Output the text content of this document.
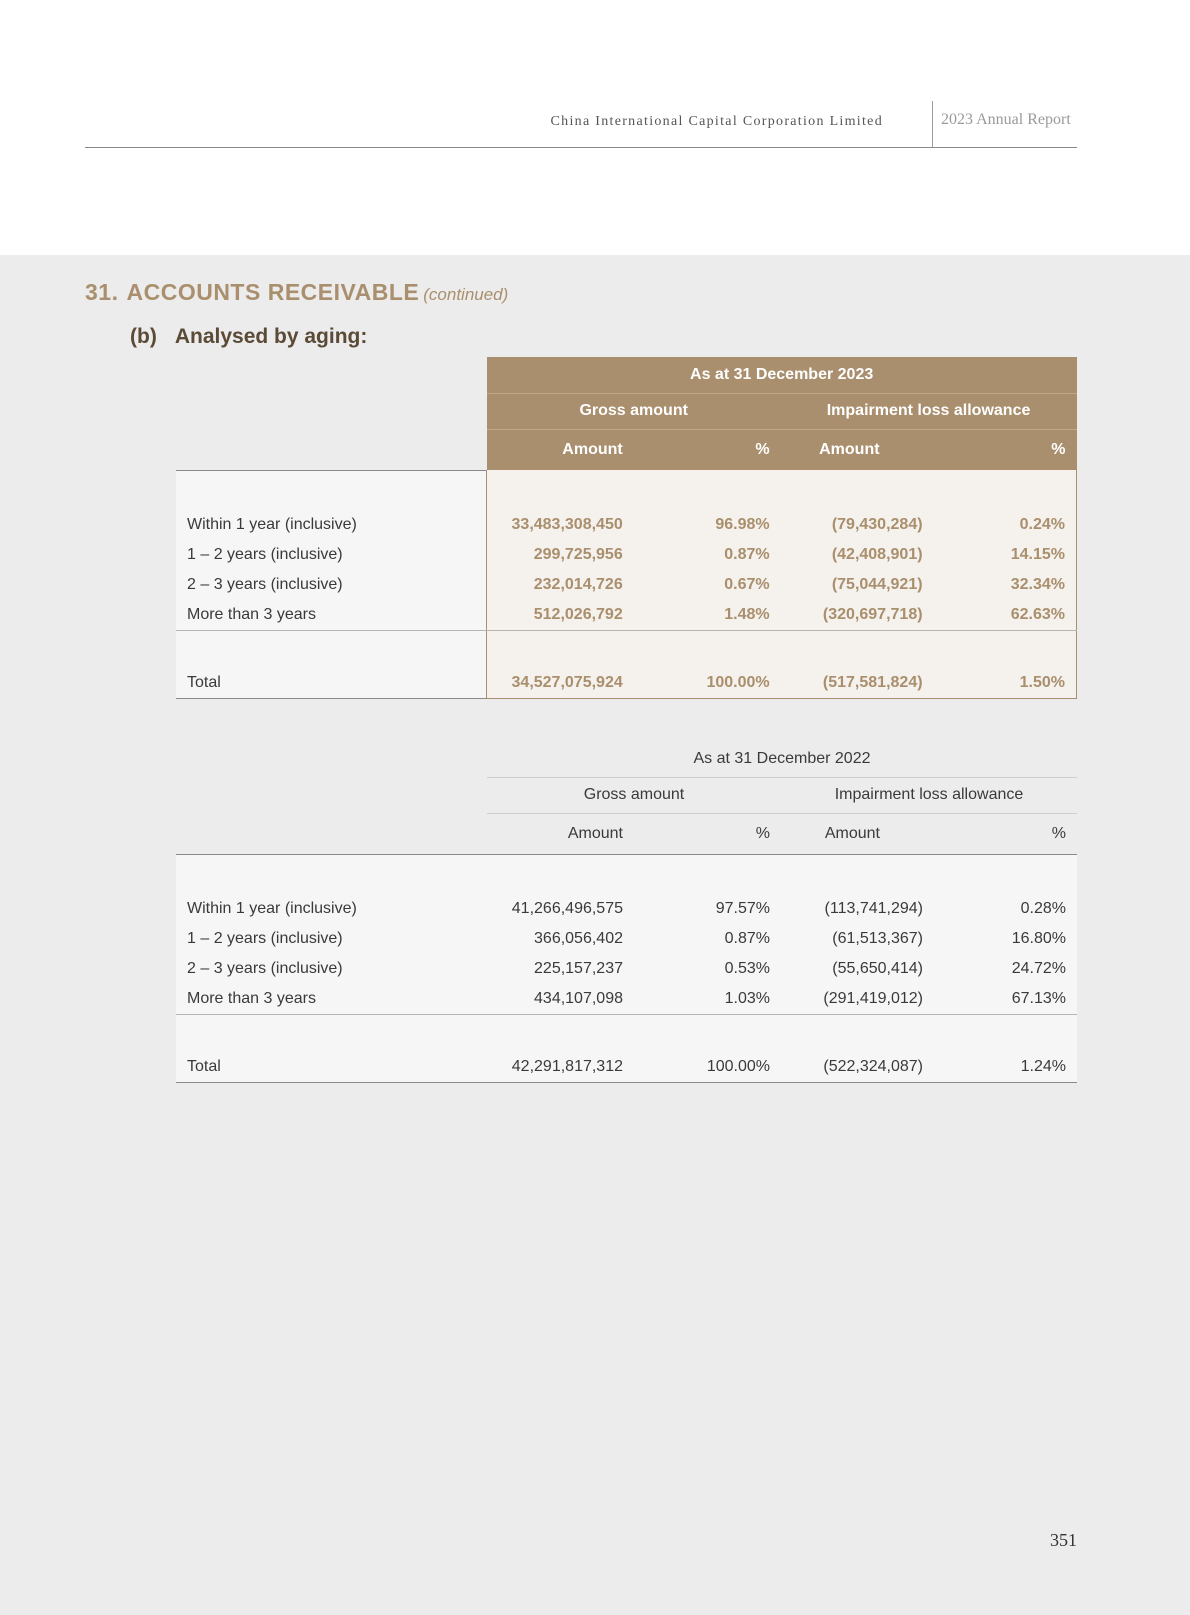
China International Capital Corporation Limited	2023 Annual Report
31. ACCOUNTS RECEIVABLE (continued)
(b) Analysed by aging:
	As at 31 December 2023			
	Gross amount		Impairment loss allowance	
	Amount	%	Amount	%

Within 1 year (inclusive)	33,483,308,450	96.98%	(79,430,284)	0.24%
1 – 2 years (inclusive)	299,725,956	0.87%	(42,408,901)	14.15%
2 – 3 years (inclusive)	232,014,726	0.67%	(75,044,921)	32.34%
More than 3 years	512,026,792	1.48%	(320,697,718)	62.63%

Total	34,527,075,924	100.00%	(517,581,824)	1.50%
	As at 31 December 2022			
	Gross amount		Impairment loss allowance	
	Amount	%	Amount	%

Within 1 year (inclusive)	41,266,496,575	97.57%	(113,741,294)	0.28%
1 – 2 years (inclusive)	366,056,402	0.87%	(61,513,367)	16.80%
2 – 3 years (inclusive)	225,157,237	0.53%	(55,650,414)	24.72%
More than 3 years	434,107,098	1.03%	(291,419,012)	67.13%

Total	42,291,817,312	100.00%	(522,324,087)	1.24%
351
